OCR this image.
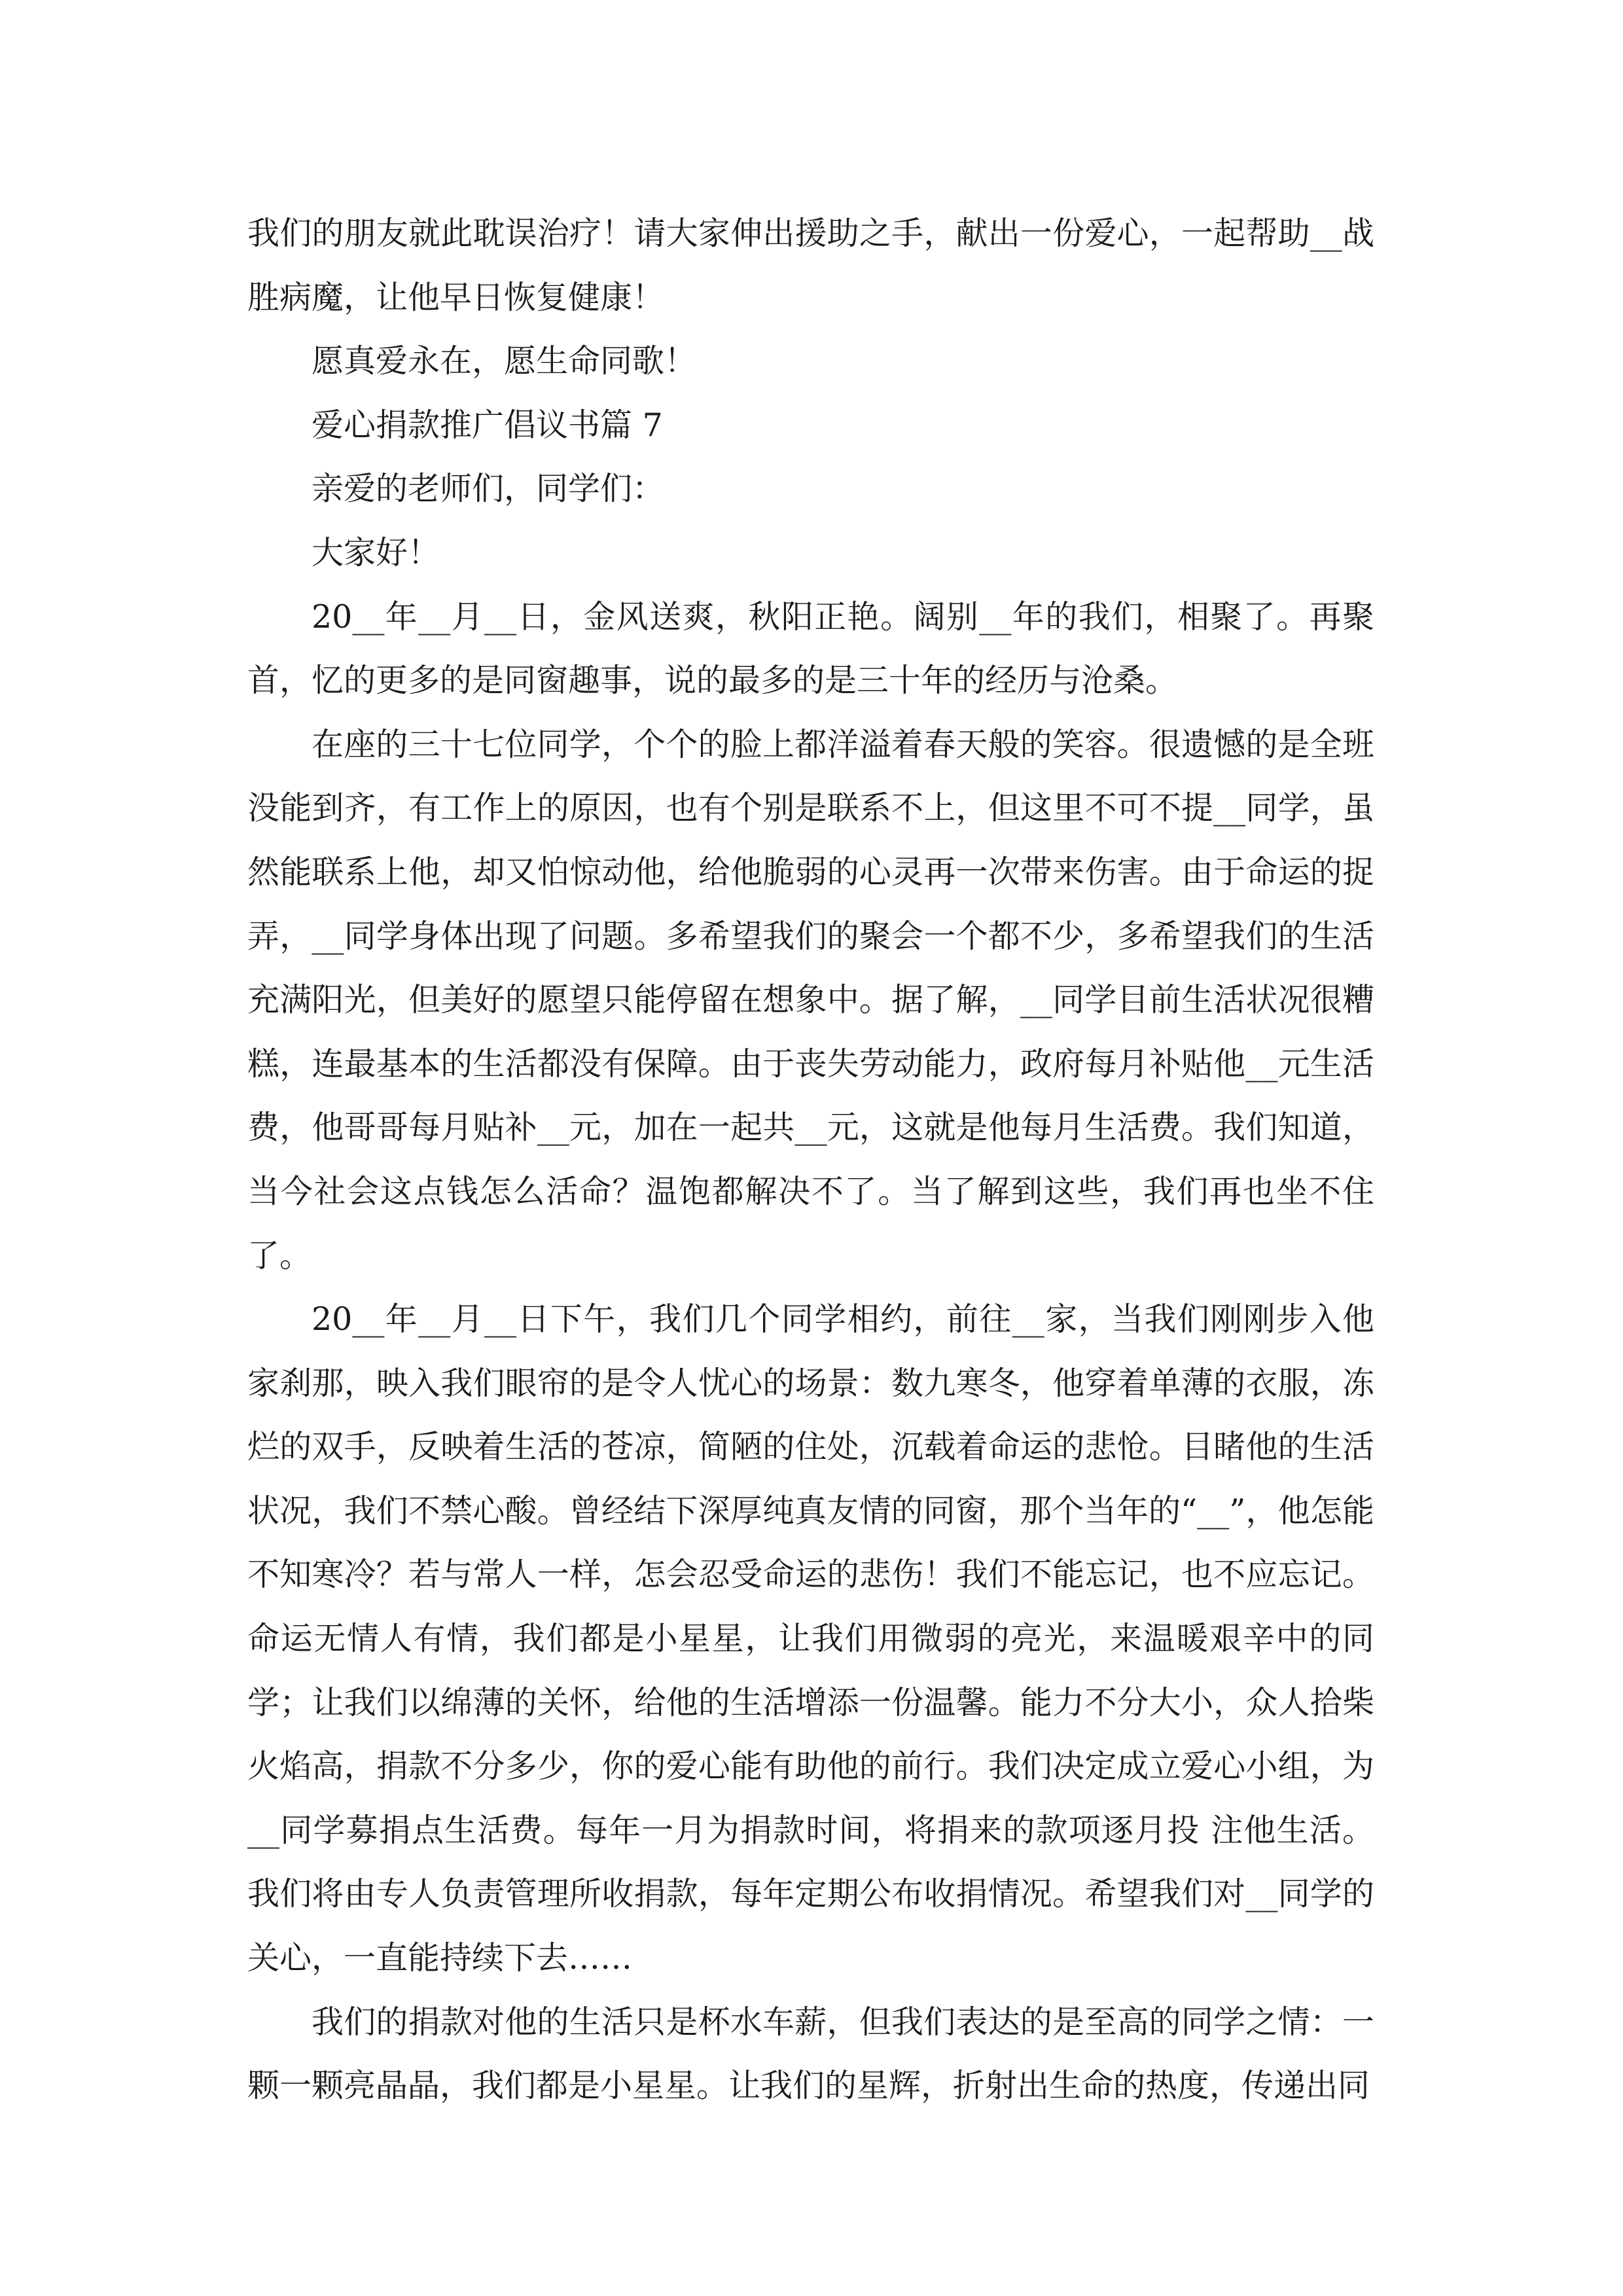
我们的朋友就此耽误治疗！请大家伸出援助之手，献出一份爱心，一起帮助__战胜病魔，让他早日恢复健康！

愿真爱永在，愿生命同歌！

爱心捐款推广倡议书篇 7

亲爱的老师们，同学们：

大家好！

20__年__月__日，金风送爽，秋阳正艳。阔别__年的我们，相聚了。再聚首，忆的更多的是同窗趣事，说的最多的是三十年的经历与沧桑。

在座的三十七位同学，个个的脸上都洋溢着春天般的笑容。很遗憾的是全班没能到齐，有工作上的原因，也有个别是联系不上，但这里不可不提__同学，虽然能联系上他，却又怕惊动他，给他脆弱的心灵再一次带来伤害。由于命运的捉弄，__同学身体出现了问题。多希望我们的聚会一个都不少，多希望我们的生活充满阳光，但美好的愿望只能停留在想象中。据了解，__同学目前生活状况很糟糕，连最基本的生活都没有保障。由于丧失劳动能力，政府每月补贴他__元生活费，他哥哥每月贴补__元，加在一起共__元，这就是他每月生活费。我们知道，当今社会这点钱怎么活命？温饱都解决不了。当了解到这些，我们再也坐不住了。

20__年__月__日下午，我们几个同学相约，前往__家，当我们刚刚步入他家刹那，映入我们眼帘的是令人忧心的场景：数九寒冬，他穿着单薄的衣服，冻烂的双手，反映着生活的苍凉，简陋的住处，沉载着命运的悲怆。目睹他的生活状况，我们不禁心酸。曾经结下深厚纯真友情的同窗，那个当年的“__”，他怎能不知寒冷？若与常人一样，怎会忍受命运的悲伤！我们不能忘记，也不应忘记。命运无情人有情，我们都是小星星，让我们用微弱的亮光，来温暖艰辛中的同学；让我们以绵薄的关怀，给他的生活增添一份温馨。能力不分大小，众人拾柴火焰高，捐款不分多少，你的爱心能有助他的前行。我们决定成立爱心小组，为__同学募捐点生活费。每年一月为捐款时间，将捐来的款项逐月投 注他生活。我们将由专人负责管理所收捐款，每年定期公布收捐情况。希望我们对__同学的关心，一直能持续下去……

我们的捐款对他的生活只是杯水车薪，但我们表达的是至高的同学之情：一颗一颗亮晶晶，我们都是小星星。让我们的星辉，折射出生命的热度，传递出同
